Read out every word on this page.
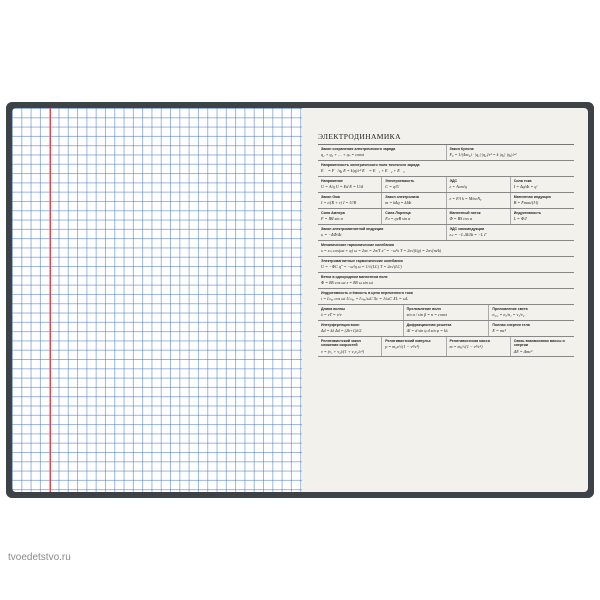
ЭЛЕКТРОДИНАМИКА
Закон сохранения электрического заряда
q₁ + q₂ + … + qₙ = const
Закон Кулона
F₀ = 1/(4πε₀) · |q₁|·|q₂|/r² = k |q₁|·|q₂|/r²
Напряженность электрического поля точечного заряда
E⃗ = F⃗/q₀ E = k|q|/r² E⃗ = E⃗₁ + E⃗₂ + E⃗₃
Напряжение
U = A/q U = Ed E = U/d
Электроемкость
C = q/U
ЭДС
ε = Aст/q
Сила тока
I = Δq/Δt = q'
Закон Ома
I = ε/(R + r) I = U/R
Закон электролиза
m = kΔq = kIΔt
ε = F/l k = M/neNₐ	Магнитная индукция
B = Fmax/(I·l)
Сила Ампера
F = IBl sin α
Сила Лоренца
Fл = qvB sin α
Магнитный поток
Φ = BS cos α
Индуктивность
L = Φ/I
Закон электромагнитной индукции
εᵢ = −ΔΦ/Δt
ЭДС самоиндукции
εₛᵢ = −L ΔI/Δt = −L I'
Механические гармонические колебания
x = xₘ cos(ωt + φ) ω = 2πν = 2π/T x'' = −ω²x T = 2π√(l/g) = 2π√(m/k)
Электромагнитные гармонические колебания
U = −ΦC q'' = −ω²q ω = 1/√(LC) T = 2π√(LC)
Ветки в однородном магнитном поле
Φ = BS cos ωt ε = BS ω sin ωt
Индуктивность и ёмкость в цепи переменного тока
i = Iₘₐₓ cos ωt Uₘₐₓ = Iₘₐₓ/ωC Xc = 1/ωC XL = ωL
Длина волны
λ = vT = v/ν
Преломление волн
sin α / sin β = n = const
Преломление света
n₂,₁ = n₂/n₁ = v₁/v₂
Интерференция волн
Δd = kλ Δd = (2k+1)λ/2
Дифракционная решетка
Δl = d sin φ d sin φ = kλ
Полная энергия тела
E = mc²
Релятивистский закон сложения скоростей
v = (v₁ + v₂)/(1 + v₁v₂/c²)
Релятивистский импульс
p = m₀v/√(1 − v²/c²)
Релятивистская масса
m = m₀/√(1 − v²/c²)
Связь взаимосвязи массы и энергии
ΔE = Δmc²
tvoedetstvo.ru
